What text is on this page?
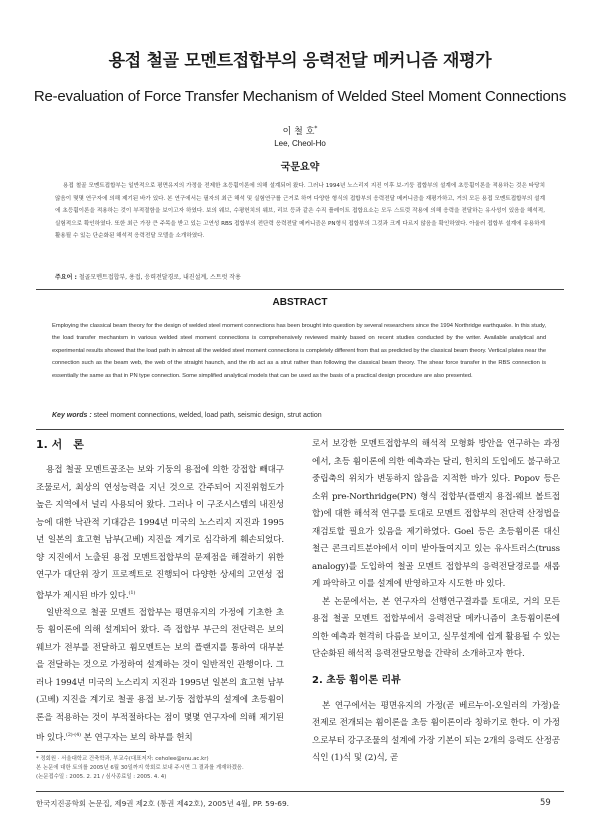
용접 철골 모멘트접합부의 응력전달 메커니즘 재평가
Re-evaluation of Force Transfer Mechanism of Welded Steel Moment Connections
이 철 호*
Lee, Cheol-Ho
국문요약
용접 철골 모멘트접합부는 일반적으로 평면유지의 가정을 전제한 초등휨이론에 의해 설계되어 왔다. 그러나 1994년 노스리지 지진 이후 보-기둥 접합부의 설계에 초등휨이론을 적용하는 것은 타당치 않음이 몇몇 연구자에 의해 제기된 바가 있다. 본 연구에서는 필자의 최근 해석 및 실험연구를 근거로 하여 다양한 형식의 접합부의 응력전달 메커니즘을 재평가하고, 거의 모든 용접 모멘트접합부의 설계에 초등휨이론을 적용하는 것이 부적절함을 보이고자 하였다. 보의 웨브, 수평헌치의 웨브, 리브 등과 같은 수직 플레이트 접합요소는 모두 스트럿 작용에 의해 응력을 전달하는 유사성이 있음을 해석적, 실험적으로 확인하였다. 또한 최근 가장 큰 주목을 받고 있는 고연성 RBS 접합부의 전단력 응력전달 메커니즘은 PN형식 접합부의 그것과 크게 다르지 않음을 확인하였다. 아울러 접합부 설계에 유용하게 활용될 수 있는 단순화된 해석적 응력전달 모델을 소개하였다.
주요어 : 철골모멘트접합부, 용접, 응력전달경로, 내진설계, 스트럿 작용
ABSTRACT
Employing the classical beam theory for the design of welded steel moment connections has been brought into question by several researchers since the 1994 Northridge earthquake. In this study, the load transfer mechanism in various welded steel moment connections is comprehensively reviewed mainly based on recent studies conducted by the writer. Available analytical and experimental results showed that the load path in almost all the welded steel moment connections is completely different from that as predicted by the classical beam theory. Vertical plates near the connection such as the beam web, the web of the straight haunch, and the rib act as a strut rather than following the classical beam theory. The shear force transfer in the RBS connection is essentially the same as that in PN type connection. Some simplified analytical models that can be used as the basis of a practical design procedure are also presented.
Key words : steel moment connections, welded, load path, seismic design, strut action
1. 서　론

용접 철골 모멘트골조는 보와 기둥의 용접에 의한 강접합 빼대구조물로서, 최상의 연성능력을 지닌 것으로 간주되어 지진위험도가 높은 지역에서 널리 사용되어 왔다. 그러나 이 구조시스템의 내진성능에 대한 낙관적 기대감은 1994년 미국의 노스리지 지진과 1995년 일본의 효고현 남부(고베) 지진을 계기로 심각하게 훼손되었다. 양 지진에서 노출된 용접 모멘트접합부의 문제점을 해결하기 위한 연구가 대단위 장기 프로젝트로 진행되어 다양한 상세의 고연성 접합부가 제시된 바가 있다.$^{(1)}$

일반적으로 철골 모멘트 접합부는 평면유지의 가정에 기초한 초등 휨이론에 의해 설계되어 왔다. 즉 접합부 부근의 전단력은 보의 웨브가 전부를 전달하고 휨모멘트는 보의 플랜지를 통하여 대부분을 전달하는 것으로 가정하여 설계하는 것이 일반적인 관행이다. 그러나 1994년 미국의 노스리지 지진과 1995년 일본의 효고현 남부(고베) 지진을 계기로 철골 용접 보-기둥 접합부의 설계에 초등휨이론을 적용하는 것이 부적절하다는 점이 몇몇 연구자에 의해 제기된 바 있다.$^{(2)-(4)}$ 본 연구자는 보의 하부를 헌치

로서 보강한 모멘트접합부의 해석적 모형화 방안을 연구하는 과정에서, 초등 휨이론에 의한 예측과는 달리, 헌치의 도입에도 불구하고 중립축의 위치가 변동하지 않음을 지적한 바가 있다. Popov 등은 소위 pre-Northridge(PN) 형식 접합부(플랜지 용접-웨브 볼트접합)에 대한 해석적 연구를 토대로 모멘트 접합부의 전단력 산정법을 재검토할 필요가 있음을 제기하였다. Goel 등은 초등휨이론 대신 철근 콘크리트분야에서 이미 받아들여지고 있는 유사트러스(truss analogy)를 도입하여 철골 모멘트 접합부의 응력전달경로를 새롭게 파악하고 이를 설계에 반영하고자 시도한 바 있다.

본 논문에서는, 본 연구자의 선행연구결과를 토대로, 거의 모든 용접 철골 모멘트 접합부에서 응력전달 메카니즘이 초등휨이론에 의한 예측과 현격히 다름을 보이고, 실무설계에 쉽게 활용될 수 있는 단순화된 해석적 응력전달모형을 간략히 소개하고자 한다.

2. 초등 휨이론 리뷰

본 연구에서는 평면유지의 가정(곧 베르누이-오일러의 가정)을 전제로 전개되는 휨이론을 초등 휨이론이라 칭하기로 한다. 이 가정으로부터 강구조물의 설계에 가장 기본이 되는 2개의 응력도 산정공식인 (1)식 및 (2)식, 곧

* 정회원 · 서울대학교 건축학과, 부교수(대표저자: ceholee@snu.ac.kr)
본 논문에 대한 토의를 2005년 6월 30일까지 학회로 보내 주시면 그 결과를 게재하겠음.
(논문접수일 : 2005. 2. 21 / 심사종료일 : 2005. 4. 4)
한국지진공학회 논문집, 제9권 제2호 (통권 제42호), 2005년 4월, PP. 59-69.	59
